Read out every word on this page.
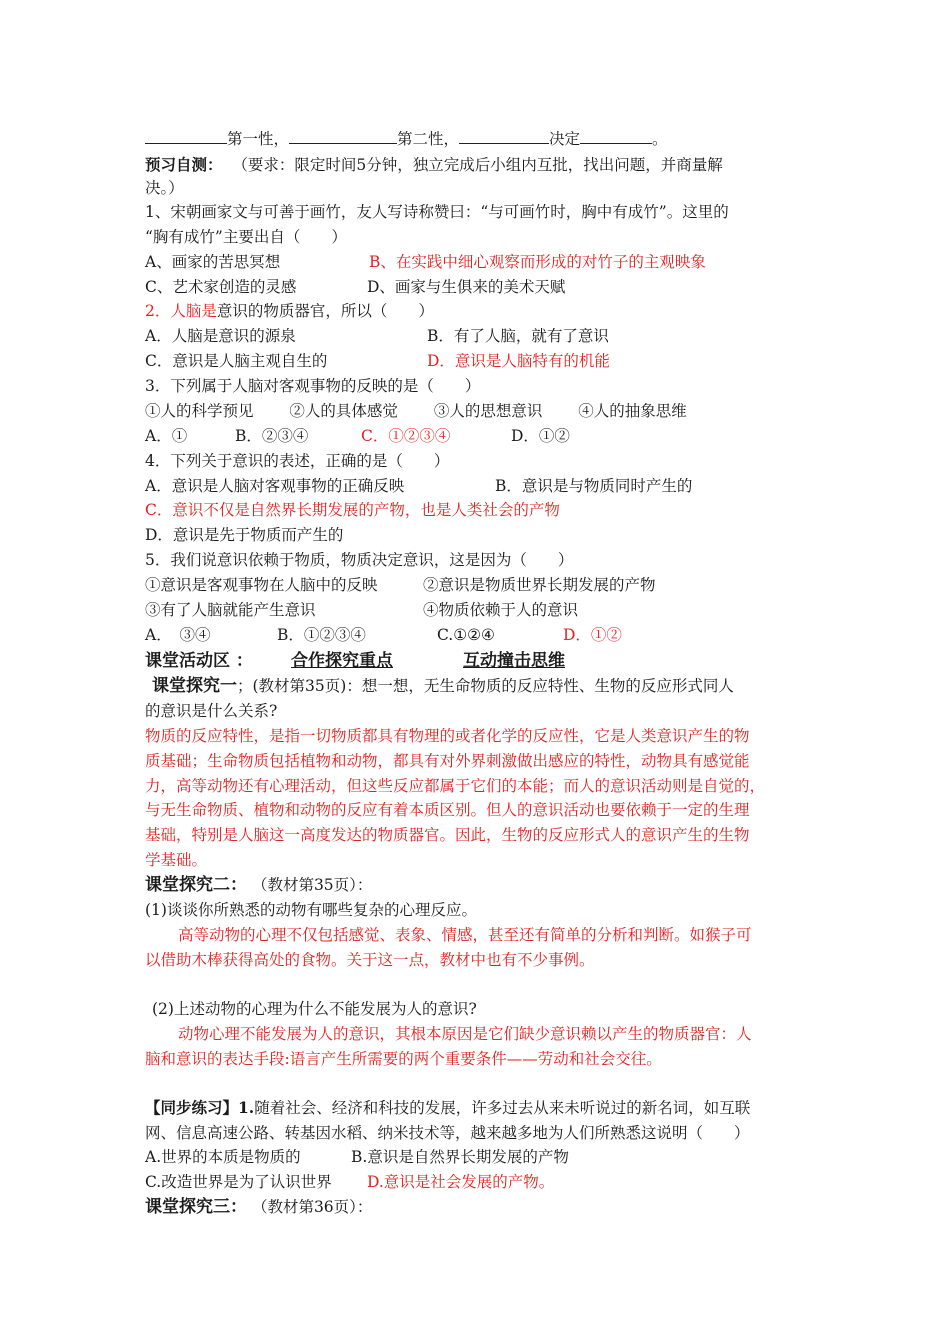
第一性，	第二性，	决定	。
预习自测： （要求：限定时间5分钟，独立完成后小组内互批，找出问题，并商量解
决。）
1、宋朝画家文与可善于画竹，友人写诗称赞曰：“与可画竹时，胸中有成竹”。这里的
“胸有成竹”主要出自（　　）
A、画家的苦思冥想	B、在实践中细心观察而形成的对竹子的主观映象
C、艺术家创造的灵感	D、画家与生俱来的美术天赋
2．人脑是意识的物质器官，所以（　　）
A．人脑是意识的源泉	B．有了人脑，就有了意识
C．意识是人脑主观自生的	D．意识是人脑特有的机能
3．下列属于人脑对客观事物的反映的是（　　）
①人的科学预见　　 ②人的具体感觉　　 ③人的思想意识　　 ④人的抽象思维
A．①	B．②③④	C．①②③④	D．①②
4．下列关于意识的表述，正确的是（　　）
A．意识是人脑对客观事物的正确反映	B．意识是与物质同时产生的
C．意识不仅是自然界长期发展的产物，也是人类社会的产物
D．意识是先于物质而产生的
5．我们说意识依赖于物质，物质决定意识，这是因为（　　）
①意识是客观事物在人脑中的反映	②意识是物质世界长期发展的产物
③有了人脑就能产生意识	④物质依赖于人的意识
A．　③④	B．①②③④	C.①②④	D．①②
课堂活动区 ： 合作探究重点	互动撞击思维
课堂探究一；(教材第35页)：想一想，无生命物质的反应特性、生物的反应形式同人
的意识是什么关系?
物质的反应特性，是指一切物质都具有物理的或者化学的反应性，它是人类意识产生的物
质基础；生命物质包括植物和动物，都具有对外界刺激做出感应的特性，动物具有感觉能
力，高等动物还有心理活动，但这些反应都属于它们的本能；而人的意识活动则是自觉的，
与无生命物质、植物和动物的反应有着本质区别。但人的意识活动也要依赖于一定的生理
基础，特别是人脑这一高度发达的物质器官。因此，生物的反应形式人的意识产生的生物
学基础。
课堂探究二： （教材第35页）：
(1)谈谈你所熟悉的动物有哪些复杂的心理反应。
高等动物的心理不仅包括感觉、表象、情感，甚至还有简单的分析和判断。如猴子可
以借助木棒获得高处的食物。关于这一点，教材中也有不少事例。
(2)上述动物的心理为什么不能发展为人的意识?
动物心理不能发展为人的意识，其根本原因是它们缺少意识赖以产生的物质器官：人
脑和意识的表达手段:语言产生所需要的两个重要条件——劳动和社会交往。
【同步练习】1.随着社会、经济和科技的发展，许多过去从来未听说过的新名词，如互联
网、信息高速公路、转基因水稻、纳米技术等，越来越多地为人们所熟悉这说明（　　）
A.世界的本质是物质的	B.意识是自然界长期发展的产物
C.改造世界是为了认识世界 D.意识是社会发展的产物。
课堂探究三： （教材第36页）：
